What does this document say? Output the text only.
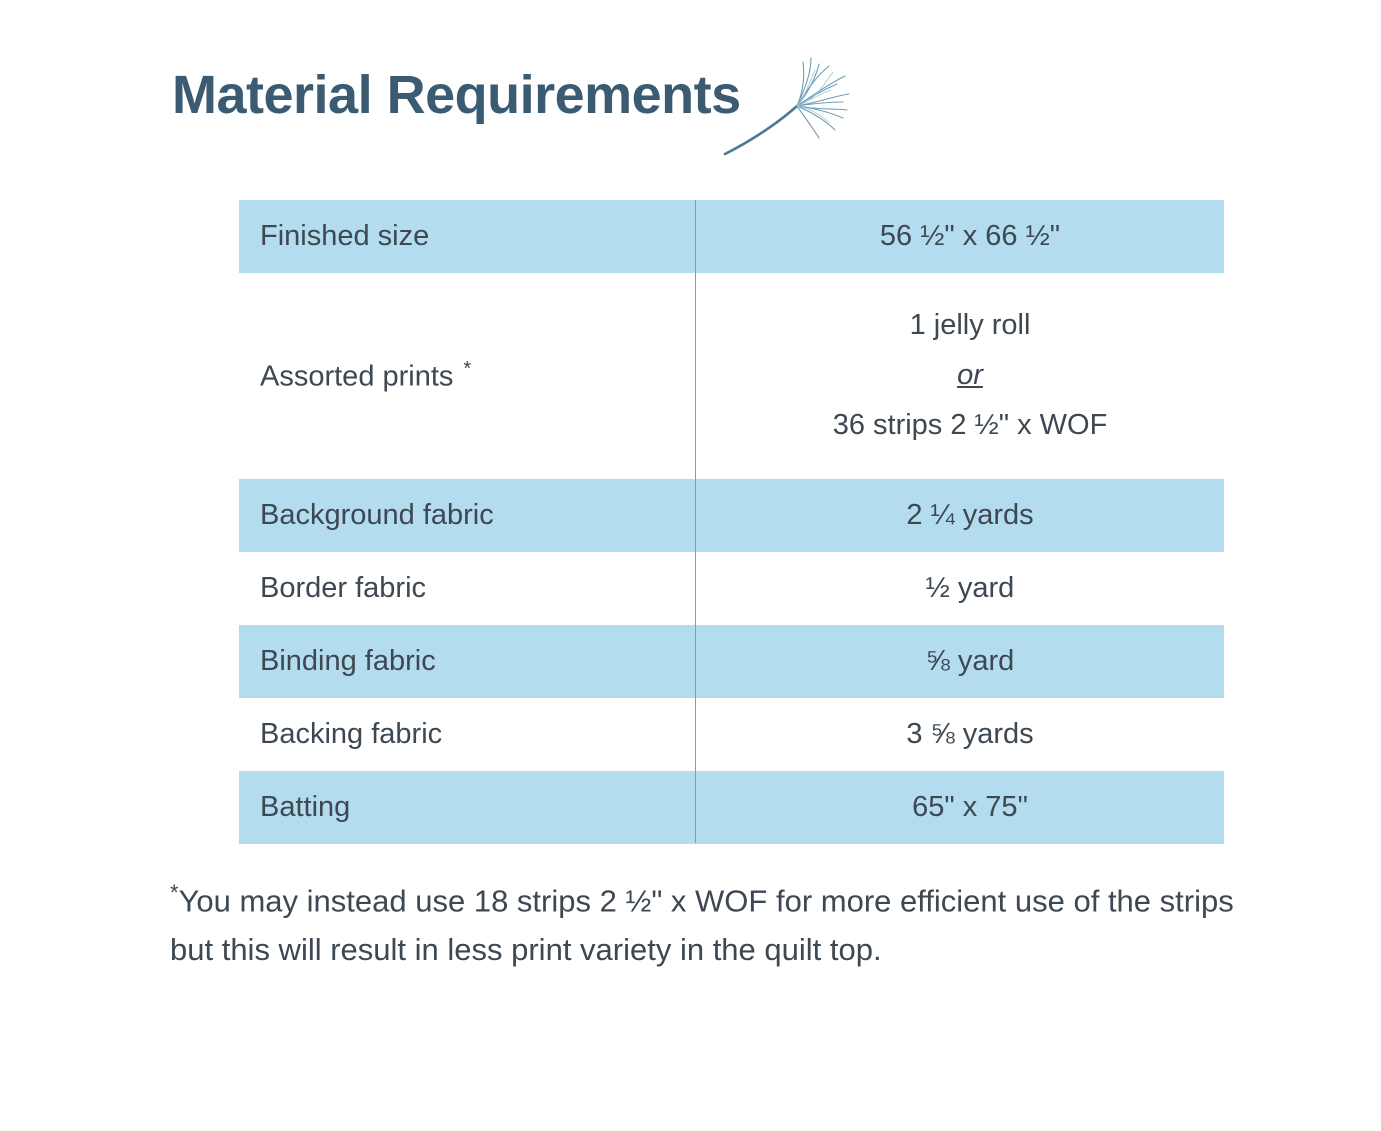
Material Requirements
Finished size	56 ½" x 66 ½"
Assorted prints *	1 jelly roll
or
36 strips 2 ½" x WOF

Background fabric	2 ¼ yards
Border fabric	½ yard
Binding fabric	⅝ yard
Backing fabric	3 ⅝ yards
Batting	65" x 75"
*You may instead use 18 strips 2 ½" x WOF for more efficient use of the strips but this will result in less print variety in the quilt top.
